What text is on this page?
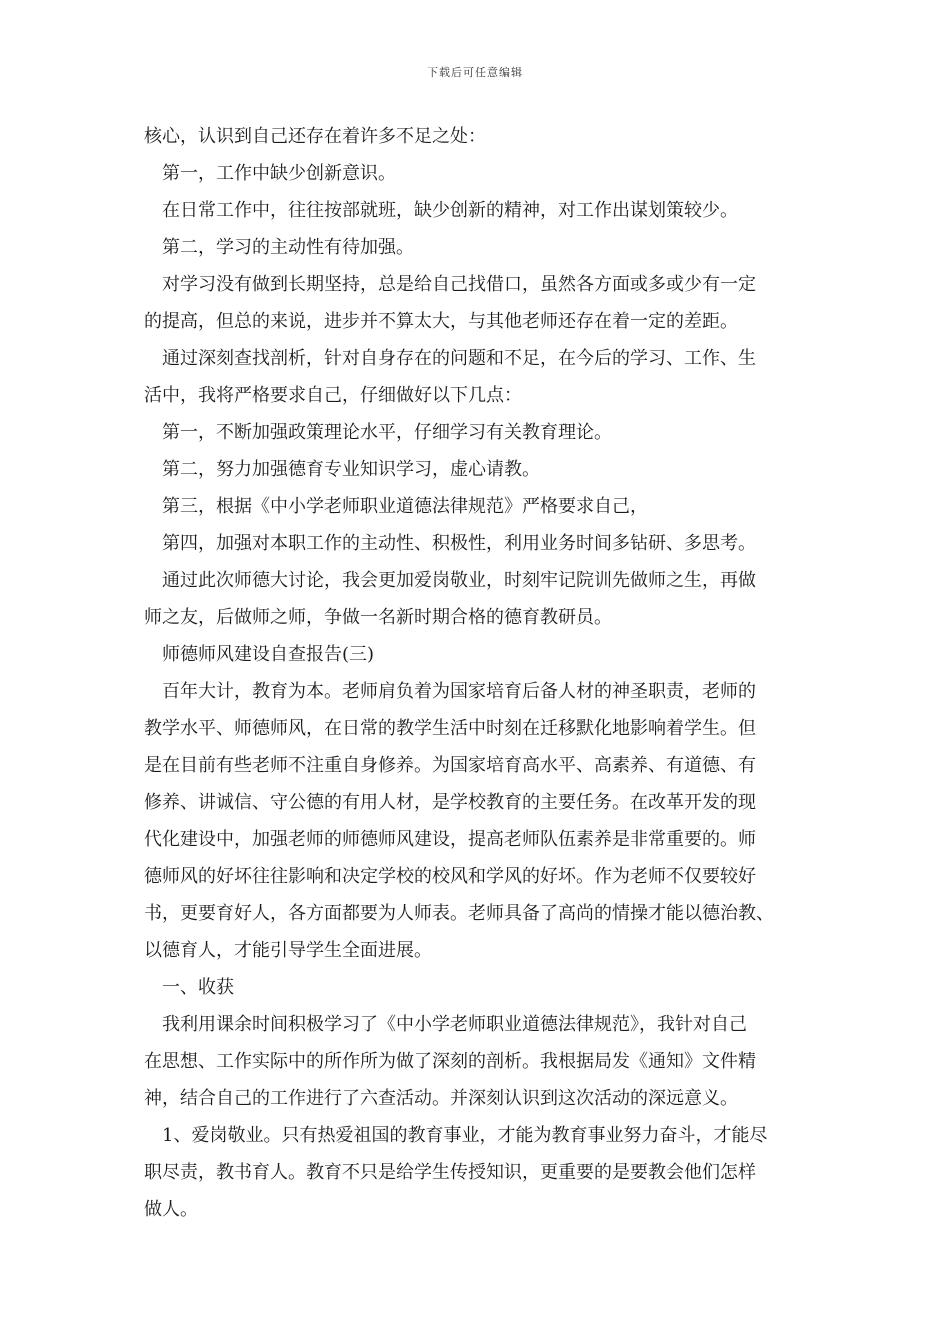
下载后可任意编辑
核心，认识到自己还存在着许多不足之处：
第一，工作中缺少创新意识。
在日常工作中，往往按部就班，缺少创新的精神，对工作出谋划策较少。
第二，学习的主动性有待加强。
对学习没有做到长期坚持，总是给自己找借口，虽然各方面或多或少有一定
的提高，但总的来说，进步并不算太大，与其他老师还存在着一定的差距。
通过深刻查找剖析，针对自身存在的问题和不足，在今后的学习、工作、生
活中，我将严格要求自己，仔细做好以下几点：
第一，不断加强政策理论水平，仔细学习有关教育理论。
第二，努力加强德育专业知识学习，虚心请教。
第三，根据《中小学老师职业道德法律规范》严格要求自己，
第四，加强对本职工作的主动性、积极性，利用业务时间多钻研、多思考。
通过此次师德大讨论，我会更加爱岗敬业，时刻牢记院训先做师之生，再做
师之友，后做师之师，争做一名新时期合格的德育教研员。
师德师风建设自查报告(三)
百年大计，教育为本。老师肩负着为国家培育后备人材的神圣职责，老师的
教学水平、师德师风，在日常的教学生活中时刻在迁移默化地影响着学生。但
是在目前有些老师不注重自身修养。为国家培育高水平、高素养、有道德、有
修养、讲诚信、守公德的有用人材，是学校教育的主要任务。在改革开发的现
代化建设中，加强老师的师德师风建设，提高老师队伍素养是非常重要的。师
德师风的好坏往往影响和决定学校的校风和学风的好坏。作为老师不仅要较好
书，更要育好人，各方面都要为人师表。老师具备了高尚的情操才能以德治教、
以德育人，才能引导学生全面进展。
一、收获
我利用课余时间积极学习了《中小学老师职业道德法律规范》，我针对自己
在思想、工作实际中的所作所为做了深刻的剖析。我根据局发《通知》文件精
神，结合自己的工作进行了六查活动。并深刻认识到这次活动的深远意义。
1、爱岗敬业。只有热爱祖国的教育事业，才能为教育事业努力奋斗，才能尽
职尽责，教书育人。教育不只是给学生传授知识，更重要的是要教会他们怎样
做人。
